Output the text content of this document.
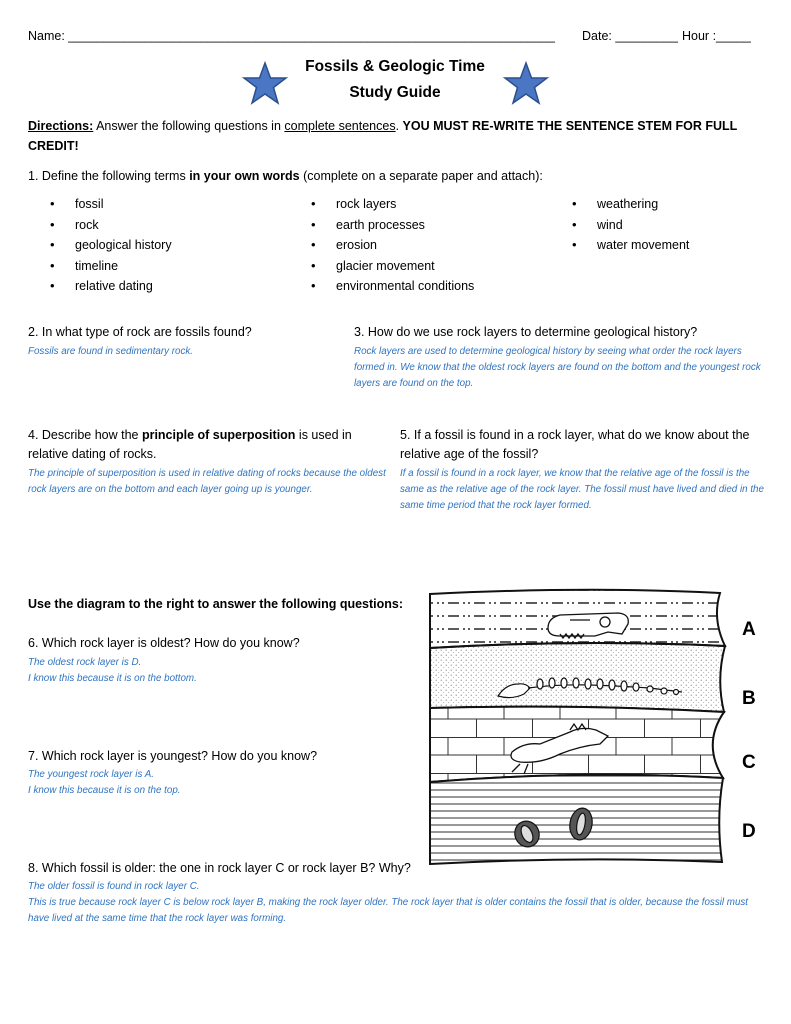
Name: ______________________________________________________________________ Date: _________ Hour :_____
Fossils & Geologic Time
Study Guide
Directions: Answer the following questions in complete sentences. YOU MUST RE-WRITE THE SENTENCE STEM FOR FULL CREDIT!
1. Define the following terms in your own words (complete on a separate paper and attach):
• fossil
• rock
• geological history
• timeline
• relative dating
• rock layers
• earth processes
• erosion
• glacier movement
• environmental conditions
• weathering
• wind
• water movement
2. In what type of rock are fossils found?
Fossils are found in sedimentary rock.
3. How do we use rock layers to determine geological history?
Rock layers are used to determine geological history by seeing what order the rock layers formed in. We know that the oldest rock layers are found on the bottom and the youngest rock layers are found on the top.
4. Describe how the principle of superposition is used in relative dating of rocks.
The principle of superposition is used in relative dating of rocks because the oldest rock layers are on the bottom and each layer going up is younger.
5. If a fossil is found in a rock layer, what do we know about the relative age of the fossil?
If a fossil is found in a rock layer, we know that the relative age of the fossil is the same as the relative age of the rock layer. The fossil must have lived and died in the same time period that the rock layer formed.
Use the diagram to the right to answer the following questions:
6. Which rock layer is oldest? How do you know?
The oldest rock layer is D.
I know this because it is on the bottom.
7. Which rock layer is youngest? How do you know?
The youngest rock layer is A.
I know this because it is on the top.
A
B
C
D
8. Which fossil is older: the one in rock layer C or rock layer B? Why?
The older fossil is found in rock layer C.
This is true because rock layer C is below rock layer B, making the rock layer older. The rock layer that is older contains the fossil that is older, because the fossil must have lived at the same time that the rock layer was forming.
